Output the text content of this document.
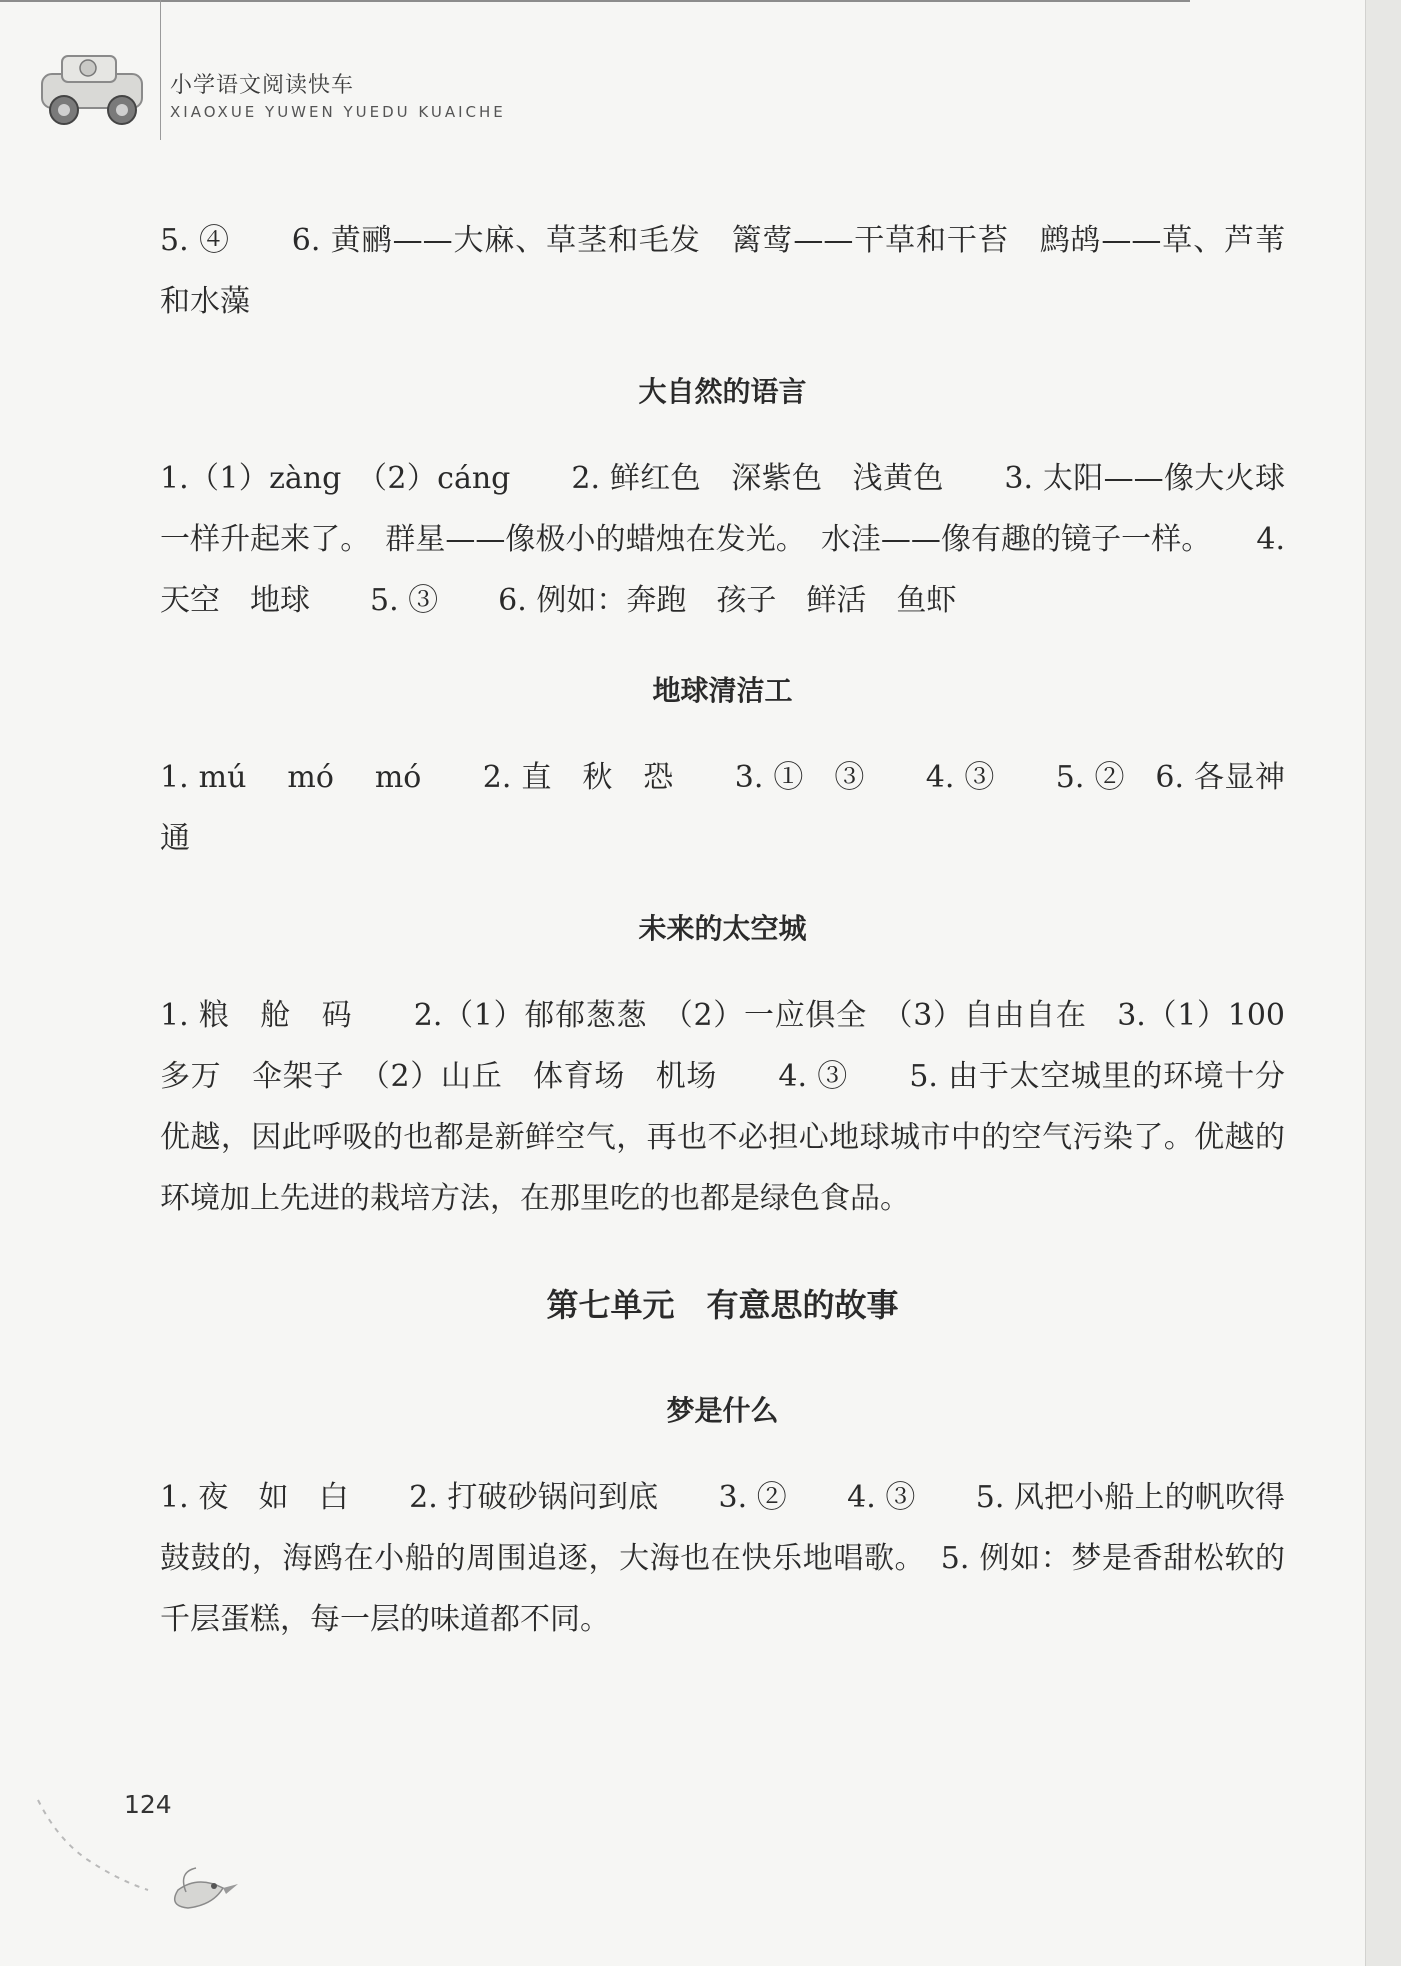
小学语文阅读快车
XIAOXUE YUWEN YUEDU KUAICHE

5. ④　　6. 黄鹂——大麻、草茎和毛发　篱莺——干草和干苔　鹧鸪——草、芦苇和水藻

大自然的语言

1.（1）zàng　（2）cáng　　2. 鲜红色　深紫色　浅黄色　　3. 太阳——像大火球一样升起来了。　群星——像极小的蜡烛在发光。　水洼——像有趣的镜子一样。　　4. 天空　地球　　5. ③　　6. 例如：奔跑　孩子　鲜活　鱼虾

地球清洁工

1. mú　 mó　 mó　　2. 直　秋　恐　　3. ①　③　　4. ③　　5. ②　6. 各显神通

未来的太空城

1. 粮　舱　码　　2.（1）郁郁葱葱　（2）一应俱全　（3）自由自在　3.（1）100多万　伞架子　（2）山丘　体育场　机场　　4. ③　　5. 由于太空城里的环境十分优越，因此呼吸的也都是新鲜空气，再也不必担心地球城市中的空气污染了。优越的环境加上先进的栽培方法，在那里吃的也都是绿色食品。

第七单元　有意思的故事

梦是什么

1. 夜　如　白　　2. 打破砂锅问到底　　3. ②　　4. ③　　5. 风把小船上的帆吹得鼓鼓的，海鸥在小船的周围追逐，大海也在快乐地唱歌。　5. 例如：梦是香甜松软的千层蛋糕，每一层的味道都不同。

124
